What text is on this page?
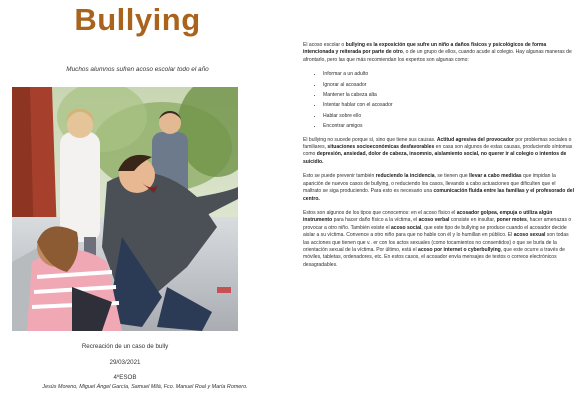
Bullying
Muchos alumnos sufren acoso escolar todo el año
Recreación de un caso de bully
29/03/2021
4ºESOB
Jesús Moreno, Miguel Ángel García, Samuel Milá, Fco. Manuel Roal y María Romero.

El acoso escolar o bullying es la exposición que sufre un niño a daños físicos y psicológicos de forma intencionada y reiterada por parte de otro, o de un grupo de ellos, cuando acude al colegio. Hay algunas maneras de afrontarlo, pero las que más recomiendan los expertos son algunas como:

• Informar a un adulto
• Ignorar al acosador
• Mantener la cabeza alta
• Intentar hablar con el acosador
• Hablar sobre ello
• Encontrar amigos

El bullying no sucede porque sí, sino que tiene sus causas. Actitud agresiva del provocador por problemas sociales o familiares, situaciones socioeconómicas desfavorables en casa son algunos de estas causas, produciendo síntomas como depresión, ansiedad, dolor de cabeza, insomnio, aislamiento social, no querer ir al colegio o intentos de suicidio.

Esto se puede prevenir también reduciendo la incidencia, se tienen que llevar a cabo medidas que impidan la aparición de nuevos casos de bullying, o reduciendo los casos, llevando a cabo actuaciones que dificulten que el maltrato se siga produciendo. Para esto es necesario una comunicación fluida entre las familias y el profesorado del centro.

Estos son algunos de los tipos que conocemos: en el acoso físico el acosador golpea, empuja o utiliza algún instrumento para hacer daño físico a la víctima, el acoso verbal consiste en insultar, poner motes, hacer amenazas o provocar a otro niño. También existe el acoso social, que este tipo de bullying se produce cuando el acosador decide aislar a su víctima. Convence a otro niño para que no hable con él y lo humillan en público. El acoso sexual son todas las acciones que tienen que v.. er con los actos sexuales (como tocamientos no consentidos) o que se burla de la orientación sexual de la víctima. Por último, está el acoso por internet o cyberbullying, que este ocurre a través de móviles, tabletas, ordenadores, etc. En estos casos, el acosador envía mensajes de textos o correos electrónicos desagradables.
